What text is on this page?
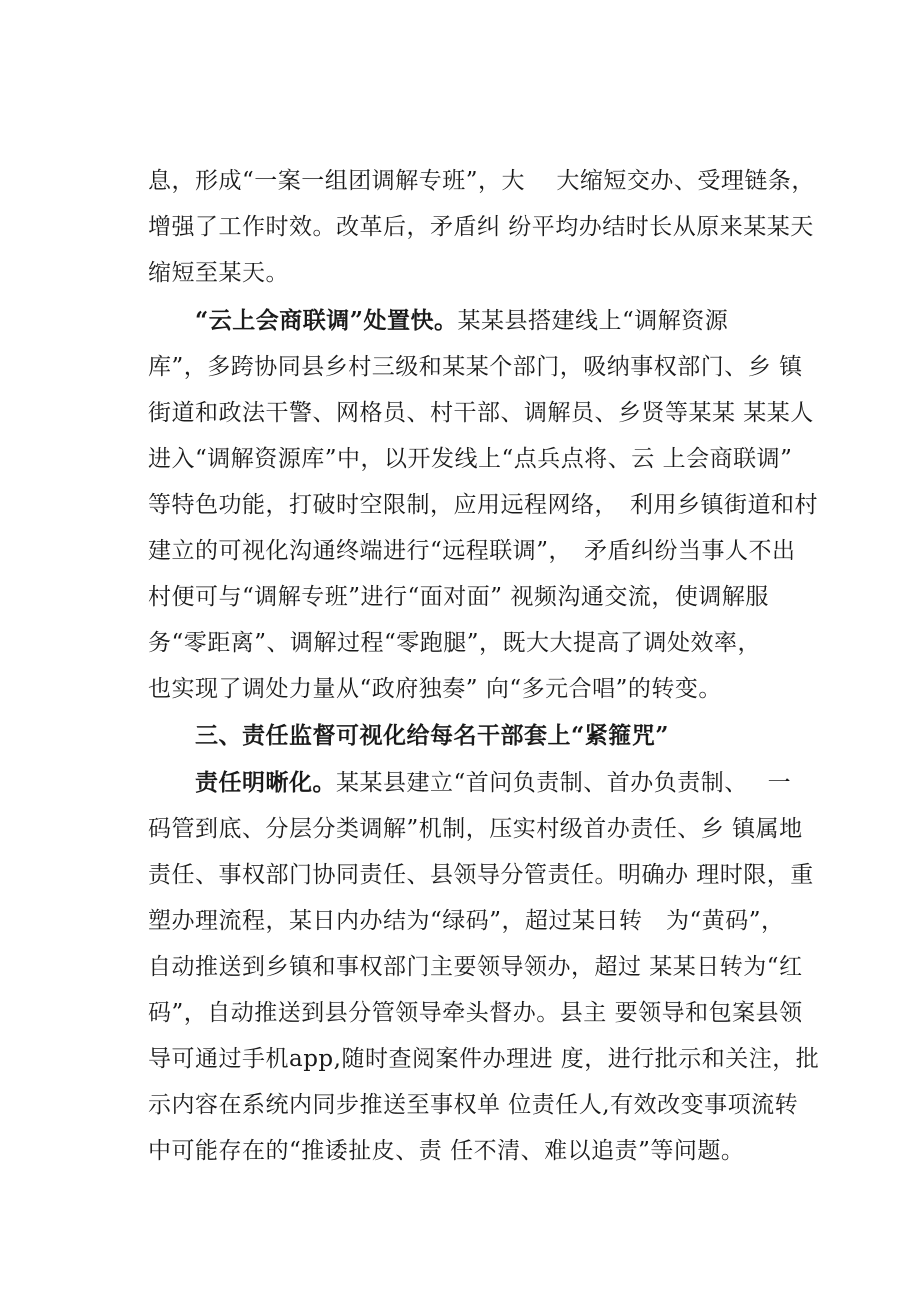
息，形成“一案一组团调解专班”，大　 大缩短交办、受理链条，
增强了工作时效。改革后，矛盾纠 纷平均办结时长从原来某某天
缩短至某天。
“云上会商联调”处置快。某某县搭建线上“调解资源
库”，多跨协同县乡村三级和某某个部门，吸纳事权部门、乡 镇
街道和政法干警、网格员、村干部、调解员、乡贤等某某 某某人
进入“调解资源库”中，以开发线上“点兵点将、云 上会商联调”
等特色功能，打破时空限制，应用远程网络，　利用乡镇街道和村
建立的可视化沟通终端进行“远程联调”，　矛盾纠纷当事人不出
村便可与“调解专班”进行“面对面” 视频沟通交流，使调解服
务“零距离”、调解过程“零跑腿”，既大大提高了调处效率，
也实现了调处力量从“政府独奏” 向“多元合唱”的转变。
三、责任监督可视化给每名干部套上“紧箍咒”
责任明晰化。某某县建立“首问负责制、首办负责制、　 一
码管到底、分层分类调解”机制，压实村级首办责任、乡 镇属地
责任、事权部门协同责任、县领导分管责任。明确办 理时限，重
塑办理流程，某日内办结为“绿码”，超过某日转　为“黄码”，
自动推送到乡镇和事权部门主要领导领办，超过 某某日转为“红
码”，自动推送到县分管领导牵头督办。县主 要领导和包案县领
导可通过手机app,随时查阅案件办理进 度，进行批示和关注，批
示内容在系统内同步推送至事权单 位责任人,有效改变事项流转
中可能存在的“推诿扯皮、责 任不清、难以追责”等问题。
